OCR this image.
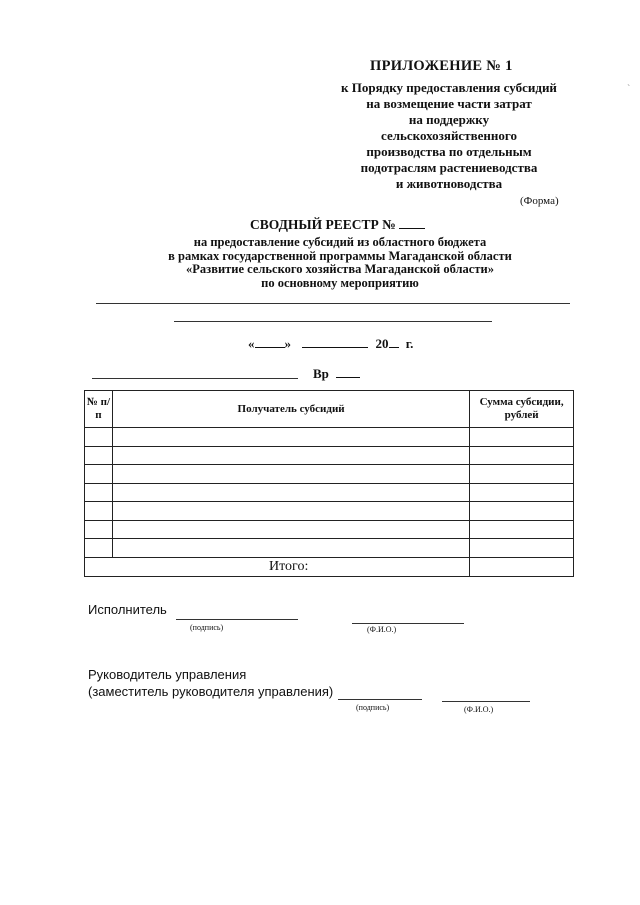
ПРИЛОЖЕНИЕ № 1
к Порядку предоставления субсидий
на возмещение части затрат
на поддержку
сельскохозяйственного
производства по отдельным
подотраслям растениеводства
и животноводства
(Форма)
СВОДНЫЙ РЕЕСТР №
на предоставление субсидий из областного бюджета
в рамках государственной программы Магаданской области
«Развитие сельского хозяйства Магаданской области»
по основному мероприятию
« »	20 г.
Вр
№ п/п	Получатель субсидий	Сумма субсидии, рублей

Итого:		
Исполнитель
(подпись)	(Ф.И.О.)
Руководитель управления
(заместитель руководителя управления)
(подпись)	(Ф.И.О.)
ˋ
